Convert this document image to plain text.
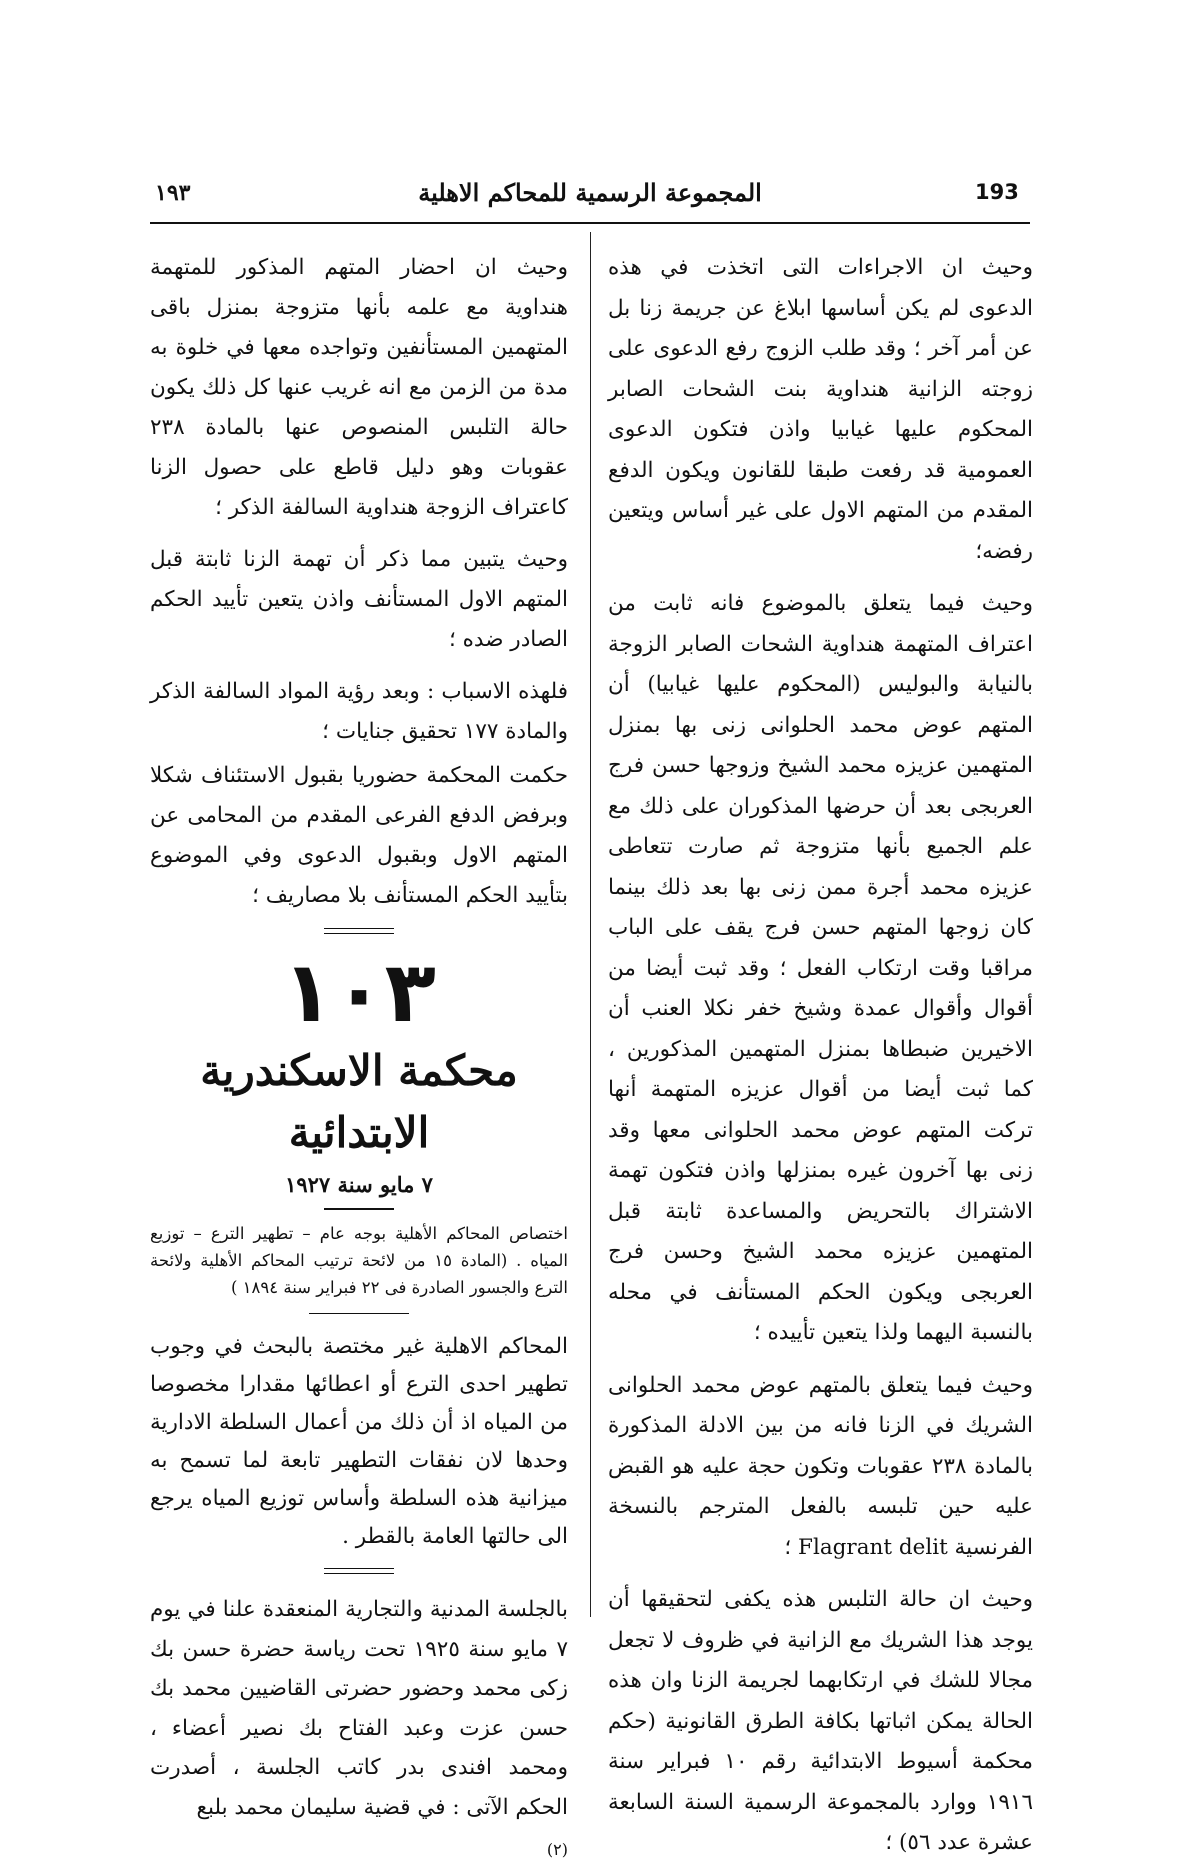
١٩٣	المجموعة الرسمية للمحاكم الاهلية	193

وحيث ان الاجراءات التى اتخذت في هذه الدعوى لم يكن أساسها ابلاغ عن جريمة زنا بل عن أمر آخر ؛ وقد طلب الزوج رفع الدعوى على زوجته الزانية هنداوية بنت الشحات الصابر المحكوم عليها غيابيا واذن فتكون الدعوى العمومية قد رفعت طبقا للقانون ويكون الدفع المقدم من المتهم الاول على غير أساس ويتعين رفضه؛

وحيث فيما يتعلق بالموضوع فانه ثابت من اعتراف المتهمة هنداوية الشحات الصابر الزوجة بالنيابة والبوليس (المحكوم عليها غيابيا) أن المتهم عوض محمد الحلوانى زنى بها بمنزل المتهمين عزيزه محمد الشيخ وزوجها حسن فرج العربجى بعد أن حرضها المذكوران على ذلك مع علم الجميع بأنها متزوجة ثم صارت تتعاطى عزيزه محمد أجرة ممن زنى بها بعد ذلك بينما كان زوجها المتهم حسن فرج يقف على الباب مراقبا وقت ارتكاب الفعل ؛ وقد ثبت أيضا من أقوال وأقوال عمدة وشيخ خفر نكلا العنب أن الاخيرين ضبطاها بمنزل المتهمين المذكورين ، كما ثبت أيضا من أقوال عزيزه المتهمة أنها تركت المتهم عوض محمد الحلوانى معها وقد زنى بها آخرون غيره بمنزلها واذن فتكون تهمة الاشتراك بالتحريض والمساعدة ثابتة قبل المتهمين عزيزه محمد الشيخ وحسن فرج العربجى ويكون الحكم المستأنف في محله بالنسبة اليهما ولذا يتعين تأييده ؛

وحيث فيما يتعلق بالمتهم عوض محمد الحلوانى الشريك في الزنا فانه من بين الادلة المذكورة بالمادة ٢٣٨ عقوبات وتكون حجة عليه هو القبض عليه حين تلبسه بالفعل المترجم بالنسخة الفرنسية Flagrant delit ؛

وحيث ان حالة التلبس هذه يكفى لتحقيقها أن يوجد هذا الشريك مع الزانية في ظروف لا تجعل مجالا للشك في ارتكابهما لجريمة الزنا وان هذه الحالة يمكن اثباتها بكافة الطرق القانونية (حكم محكمة أسيوط الابتدائية رقم ١٠ فبراير سنة ١٩١٦ ووارد بالمجموعة الرسمية السنة السابعة عشرة عدد ٥٦) ؛

وحيث ان احضار المتهم المذكور للمتهمة هنداوية مع علمه بأنها متزوجة بمنزل باقى المتهمين المستأنفين وتواجده معها في خلوة به مدة من الزمن مع انه غريب عنها كل ذلك يكون حالة التلبس المنصوص عنها بالمادة ٢٣٨ عقوبات وهو دليل قاطع على حصول الزنا كاعتراف الزوجة هنداوية السالفة الذكر ؛

وحيث يتبين مما ذكر أن تهمة الزنا ثابتة قبل المتهم الاول المستأنف واذن يتعين تأييد الحكم الصادر ضده ؛

فلهذه الاسباب : وبعد رؤية المواد السالفة الذكر والمادة ١٧٧ تحقيق جنايات ؛

حكمت المحكمة حضوريا بقبول الاستئناف شكلا وبرفض الدفع الفرعى المقدم من المحامى عن المتهم الاول وبقبول الدعوى وفي الموضوع بتأييد الحكم المستأنف بلا مصاريف ؛

١٠٣
محكمة الاسكندرية الابتدائية
٧ مايو سنة ١٩٢٧

اختصاص المحاكم الأهلية بوجه عام – تطهير الترع – توزيع المياه . (المادة ١٥ من لائحة ترتيب المحاكم الأهلية ولائحة الترع والجسور الصادرة فى ٢٢ فبراير سنة ١٨٩٤ )

المحاكم الاهلية غير مختصة بالبحث في وجوب تطهير احدى الترع أو اعطائها مقدارا مخصوصا من المياه اذ أن ذلك من أعمال السلطة الادارية وحدها لان نفقات التطهير تابعة لما تسمح به ميزانية هذه السلطة وأساس توزيع المياه يرجع الى حالتها العامة بالقطر .

بالجلسة المدنية والتجارية المنعقدة علنا في يوم ٧ مايو سنة ١٩٢٥ تحت رياسة حضرة حسن بك زكى محمد وحضور حضرتى القاضيين محمد بك حسن عزت وعبد الفتاح بك نصير أعضاء ، ومحمد افندى بدر كاتب الجلسة ، أصدرت الحكم الآتى : في قضية سليمان محمد بلبع

(٢)
